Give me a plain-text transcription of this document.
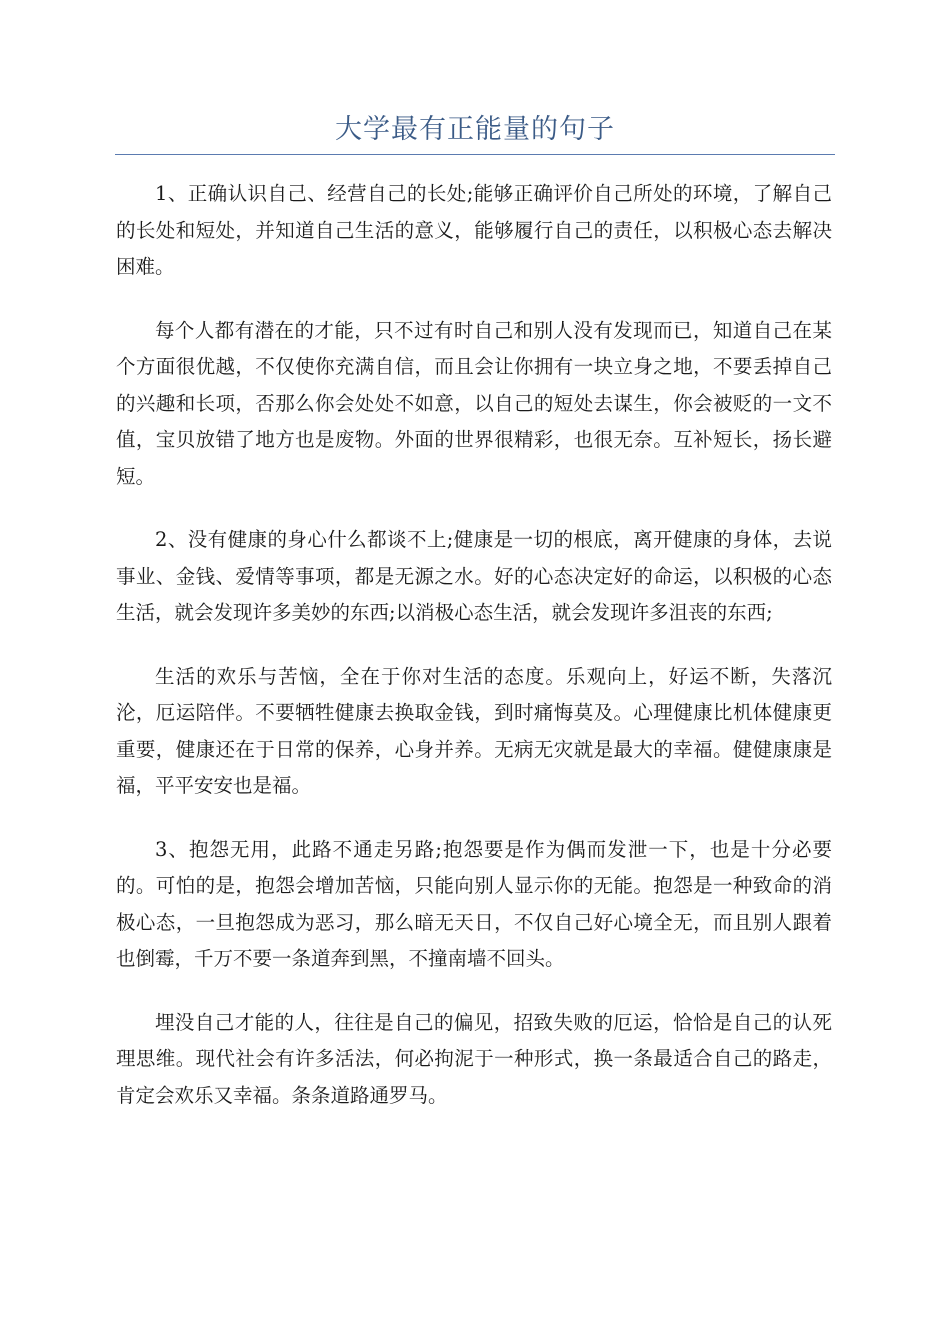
大学最有正能量的句子

1、正确认识自己、经营自己的长处;能够正确评价自己所处的环境，了解自己的长处和短处，并知道自己生活的意义，能够履行自己的责任，以积极心态去解决困难。

每个人都有潜在的才能，只不过有时自己和别人没有发现而已，知道自己在某个方面很优越，不仅使你充满自信，而且会让你拥有一块立身之地，不要丢掉自己的兴趣和长项，否那么你会处处不如意，以自己的短处去谋生，你会被贬的一文不值，宝贝放错了地方也是废物。外面的世界很精彩，也很无奈。互补短长，扬长避短。

2、没有健康的身心什么都谈不上;健康是一切的根底，离开健康的身体，去说事业、金钱、爱情等事项，都是无源之水。好的心态决定好的命运，以积极的心态生活，就会发现许多美妙的东西;以消极心态生活，就会发现许多沮丧的东西;

生活的欢乐与苦恼，全在于你对生活的态度。乐观向上，好运不断，失落沉沦，厄运陪伴。不要牺牲健康去换取金钱，到时痛悔莫及。心理健康比机体健康更重要，健康还在于日常的保养，心身并养。无病无灾就是最大的幸福。健健康康是福，平平安安也是福。

3、抱怨无用，此路不通走另路;抱怨要是作为偶而发泄一下，也是十分必要的。可怕的是，抱怨会增加苦恼，只能向别人显示你的无能。抱怨是一种致命的消极心态，一旦抱怨成为恶习，那么暗无天日，不仅自己好心境全无，而且别人跟着也倒霉，千万不要一条道奔到黑，不撞南墙不回头。

埋没自己才能的人，往往是自己的偏见，招致失败的厄运，恰恰是自己的认死理思维。现代社会有许多活法，何必拘泥于一种形式，换一条最适合自己的路走，肯定会欢乐又幸福。条条道路通罗马。
